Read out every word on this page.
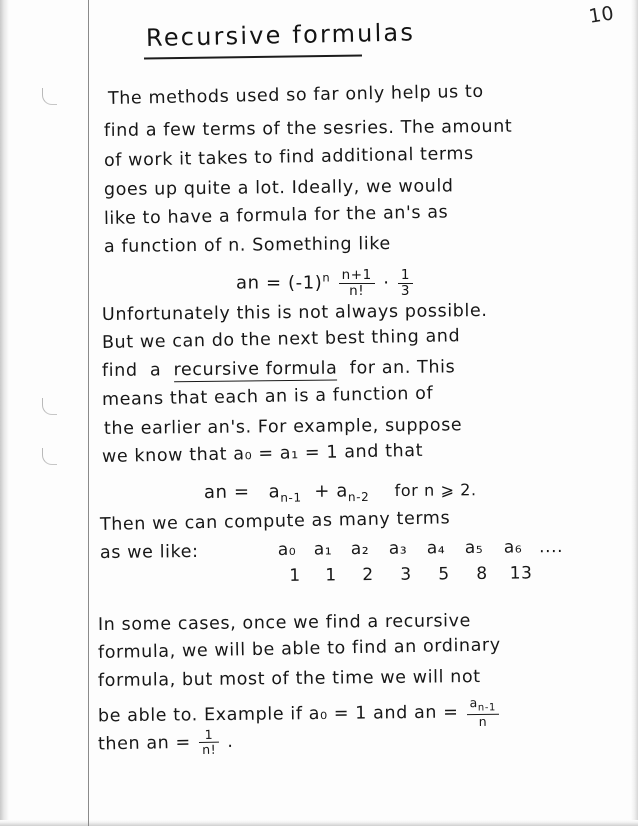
10
Recursive formulas
The methods used so far only help us to
find a few terms of the sesries. The amount
of work it takes to find additional terms
goes up quite a lot. Ideally, we would
like to have a formula for the an's as
a function of n. Something like
an = $(-1)^n \frac{n+1}{n!} \cdot \frac{1}{3}$
Unfortunately this is not always possible.
But we can do the next best thing and
find  a  recursive formula  for an. This
means that each an is a function of
the earlier an's. For example, suppose
we know that a₀ = a₁ = 1 and that
an = $a_{n-1} + a_{n-2}$ for n ⩾ 2.
Then we can compute as many terms
as we like:	a₀ a₁ a₂ a₃ a₄ a₅ a₆ ....
1 1 2 3 5 8 13
In some cases, once we find a recursive
formula, we will be able to find an ordinary
formula, but most of the time we will not
be able to. Example if a₀ = 1 and an = $\frac{a_{n-1}}{n}$
then an = $\frac{1}{n!}$ .
